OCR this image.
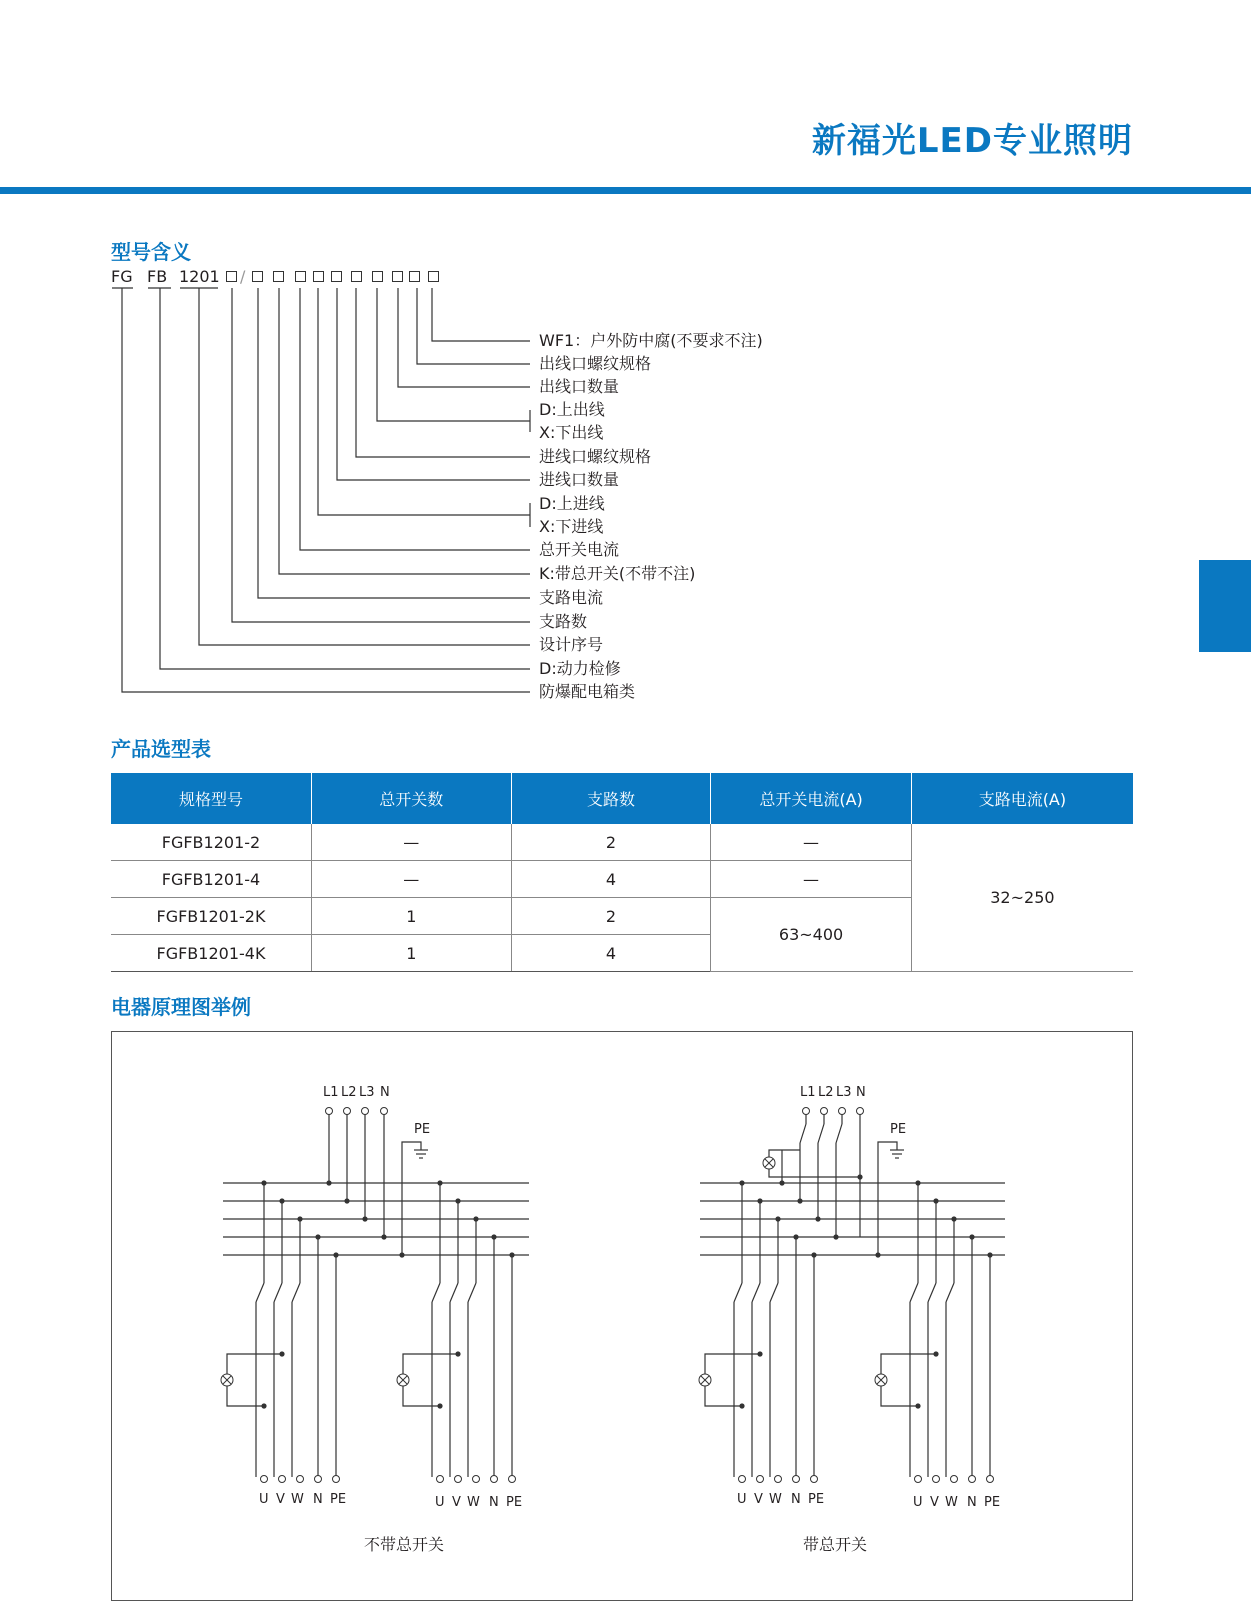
新福光LED专业照明
型号含义
FG FB 1201 /
WF1：户外防中腐(不要求不注)
出线口螺纹规格
出线口数量
D:上出线
X:下出线
进线口螺纹规格
进线口数量
D:上进线
X:下进线
总开关电流
K:带总开关(不带不注)
支路电流
支路数
设计序号
D:动力检修
防爆配电箱类
产品选型表
规格型号	总开关数	支路数	总开关电流(A)	支路电流(A)
FGFB1201-2	—	2	—	32~250
FGFB1201-4	—	4	—	
FGFB1201-2K	1	2	63~400	
FGFB1201-4K	1	4		
电器原理图举例
L1 L2 L3 N
PE
U V W N PE	U V W N PE
不带总开关
L1 L2 L3 N
PE
U V W N PE	U V W N PE
带总开关
